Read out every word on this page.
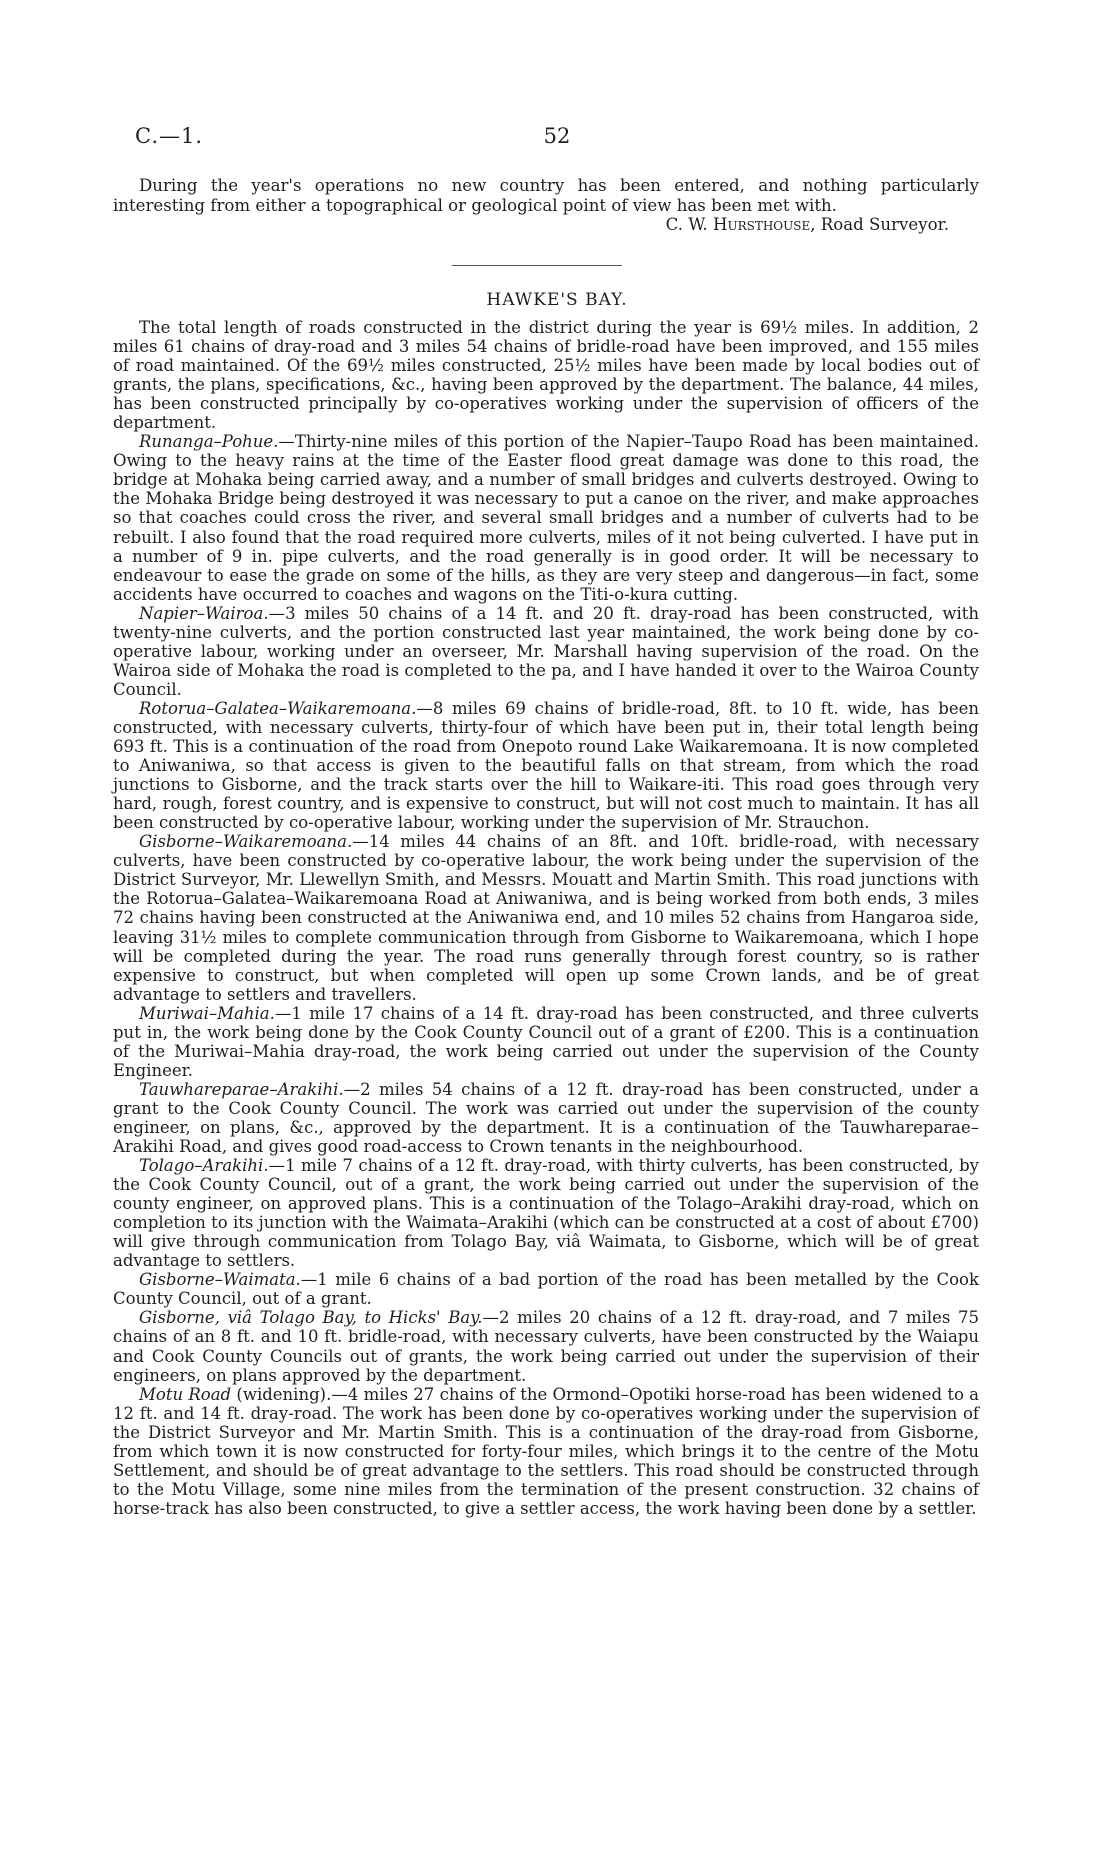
C.—1.	52

During the year's operations no new country has been entered, and nothing particularly interesting from either a topographical or geological point of view has been met with.

C. W. Hursthouse, Road Surveyor.
HAWKE'S BAY.

The total length of roads constructed in the district during the year is 69½ miles. In addition, 2 miles 61 chains of dray-road and 3 miles 54 chains of bridle-road have been improved, and 155 miles of road maintained. Of the 69½ miles constructed, 25½ miles have been made by local bodies out of grants, the plans, specifications, &c., having been approved by the department. The balance, 44 miles, has been constructed principally by co-operatives working under the supervision of officers of the department.

Runanga–Pohue.—Thirty-nine miles of this portion of the Napier–Taupo Road has been maintained. Owing to the heavy rains at the time of the Easter flood great damage was done to this road, the bridge at Mohaka being carried away, and a number of small bridges and culverts destroyed. Owing to the Mohaka Bridge being destroyed it was necessary to put a canoe on the river, and make approaches so that coaches could cross the river, and several small bridges and a number of culverts had to be rebuilt. I also found that the road required more culverts, miles of it not being culverted. I have put in a number of 9 in. pipe culverts, and the road generally is in good order. It will be necessary to endeavour to ease the grade on some of the hills, as they are very steep and dangerous—in fact, some accidents have occurred to coaches and wagons on the Titi-o-kura cutting.

Napier–Wairoa.—3 miles 50 chains of a 14 ft. and 20 ft. dray-road has been constructed, with twenty-nine culverts, and the portion constructed last year maintained, the work being done by co-operative labour, working under an overseer, Mr. Marshall having supervision of the road. On the Wairoa side of Mohaka the road is completed to the pa, and I have handed it over to the Wairoa County Council.

Rotorua–Galatea–Waikaremoana.—8 miles 69 chains of bridle-road, 8ft. to 10 ft. wide, has been constructed, with necessary culverts, thirty-four of which have been put in, their total length being 693 ft. This is a continuation of the road from Onepoto round Lake Waikaremoana. It is now completed to Aniwaniwa, so that access is given to the beautiful falls on that stream, from which the road junctions to Gisborne, and the track starts over the hill to Waikare-iti. This road goes through very hard, rough, forest country, and is expensive to construct, but will not cost much to maintain. It has all been constructed by co-operative labour, working under the supervision of Mr. Strauchon.

Gisborne–Waikaremoana.—14 miles 44 chains of an 8ft. and 10ft. bridle-road, with necessary culverts, have been constructed by co-operative labour, the work being under the supervision of the District Surveyor, Mr. Llewellyn Smith, and Messrs. Mouatt and Martin Smith. This road junctions with the Rotorua–Galatea–Waikaremoana Road at Aniwaniwa, and is being worked from both ends, 3 miles 72 chains having been constructed at the Aniwaniwa end, and 10 miles 52 chains from Hangaroa side, leaving 31½ miles to complete communication through from Gisborne to Waikaremoana, which I hope will be completed during the year. The road runs generally through forest country, so is rather expensive to construct, but when completed will open up some Crown lands, and be of great advantage to settlers and travellers.

Muriwai–Mahia.—1 mile 17 chains of a 14 ft. dray-road has been constructed, and three culverts put in, the work being done by the Cook County Council out of a grant of £200. This is a continuation of the Muriwai–Mahia dray-road, the work being carried out under the supervision of the County Engineer.

Tauwhareparae–Arakihi.—2 miles 54 chains of a 12 ft. dray-road has been constructed, under a grant to the Cook County Council. The work was carried out under the supervision of the county engineer, on plans, &c., approved by the department. It is a continuation of the Tauwhareparae–Arakihi Road, and gives good road-access to Crown tenants in the neighbourhood.

Tolago–Arakihi.—1 mile 7 chains of a 12 ft. dray-road, with thirty culverts, has been constructed, by the Cook County Council, out of a grant, the work being carried out under the supervision of the county engineer, on approved plans. This is a continuation of the Tolago–Arakihi dray-road, which on completion to its junction with the Waimata–Arakihi (which can be constructed at a cost of about £700) will give through communication from Tolago Bay, viâ Waimata, to Gisborne, which will be of great advantage to settlers.

Gisborne–Waimata.—1 mile 6 chains of a bad portion of the road has been metalled by the Cook County Council, out of a grant.

Gisborne, viâ Tolago Bay, to Hicks' Bay.—2 miles 20 chains of a 12 ft. dray-road, and 7 miles 75 chains of an 8 ft. and 10 ft. bridle-road, with necessary culverts, have been constructed by the Waiapu and Cook County Councils out of grants, the work being carried out under the supervision of their engineers, on plans approved by the department.

Motu Road (widening).—4 miles 27 chains of the Ormond–Opotiki horse-road has been widened to a 12 ft. and 14 ft. dray-road. The work has been done by co-operatives working under the supervision of the District Surveyor and Mr. Martin Smith. This is a continuation of the dray-road from Gisborne, from which town it is now constructed for forty-four miles, which brings it to the centre of the Motu Settlement, and should be of great advantage to the settlers. This road should be constructed through to the Motu Village, some nine miles from the termination of the present construction. 32 chains of horse-track has also been constructed, to give a settler access, the work having been done by a settler.
